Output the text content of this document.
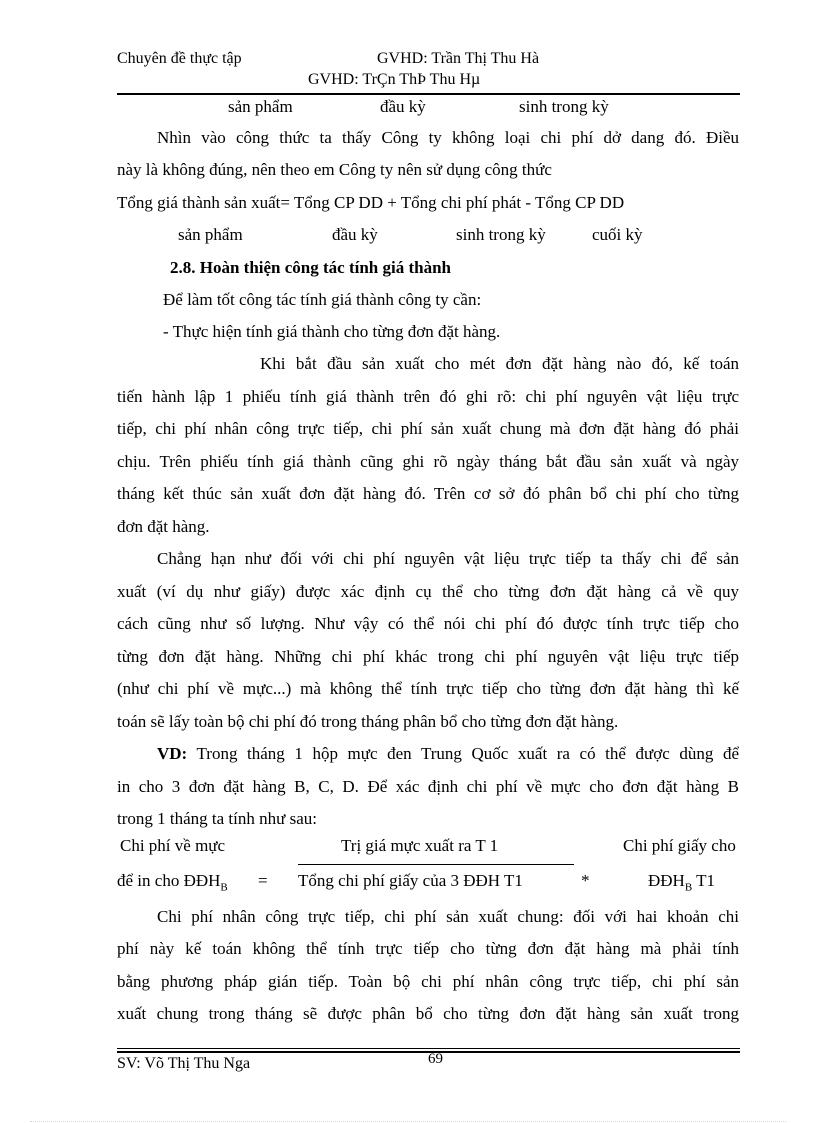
Chuyên đề thực tập	GVHD: Trần Thị Thu Hà
GVHD: TrÇn ThÞ Thu Hµ
sản phẩm	đầu kỳ	sinh trong kỳ
Nhìn vào công thức ta thấy Công ty không loại chi phí dở dang đó. Điều
này là không đúng, nên theo em Công ty nên sử dụng công thức
Tổng giá thành sản xuất= Tổng CP DD + Tổng chi phí phát - Tổng CP DD
sản phẩm	đầu kỳ	sinh trong kỳ	cuối kỳ
2.8. Hoàn thiện công tác tính giá thành
Để làm tốt công tác tính giá thành công ty cần:
- Thực hiện tính giá thành cho từng đơn đặt hàng.
Khi bắt đầu sản xuất cho mét đơn đặt hàng nào đó, kế toán
tiến hành lập 1 phiếu tính giá thành trên đó ghi rõ: chi phí nguyên vật liệu trực
tiếp, chi phí nhân công trực tiếp, chi phí sản xuất chung mà đơn đặt hàng đó phải
chịu. Trên phiếu tính giá thành cũng ghi rõ ngày tháng bắt đầu sản xuất và ngày
tháng kết thúc sản xuất đơn đặt hàng đó. Trên cơ sở đó phân bổ chi phí cho từng
đơn đặt hàng.
Chẳng hạn như đối với chi phí nguyên vật liệu trực tiếp ta thấy chi để sản
xuất (ví dụ như giấy) được xác định cụ thể cho từng đơn đặt hàng cả về quy
cách cũng như số lượng. Như vậy có thể nói chi phí đó được tính trực tiếp cho
từng đơn đặt hàng. Những chi phí khác trong chi phí nguyên vật liệu trực tiếp
(như chi phí về mực...) mà không thể tính trực tiếp cho từng đơn đặt hàng thì kế
toán sẽ lấy toàn bộ chi phí đó trong tháng phân bổ cho từng đơn đặt hàng.
VD: Trong tháng 1 hộp mực đen Trung Quốc xuất ra có thể được dùng để
in cho 3 đơn đặt hàng B, C, D. Để xác định chi phí về mực cho đơn đặt hàng B
trong 1 tháng ta tính như sau:
Chi phí về mực
để in cho $ĐĐH_B$ =
Trị giá mực xuất ra T 1
Tổng chi phí giấy của 3 ĐĐH T1	*
Chi phí giấy cho
$ĐĐH_B$ T1
Chi phí nhân công trực tiếp, chi phí sản xuất chung: đối với hai khoản chi
phí này kế toán không thể tính trực tiếp cho từng đơn đặt hàng mà phải tính
bằng phương pháp gián tiếp. Toàn bộ chi phí nhân công trực tiếp, chi phí sản
xuất chung trong tháng sẽ được phân bổ cho từng đơn đặt hàng sản xuất trong
69
SV: Võ Thị Thu Nga
